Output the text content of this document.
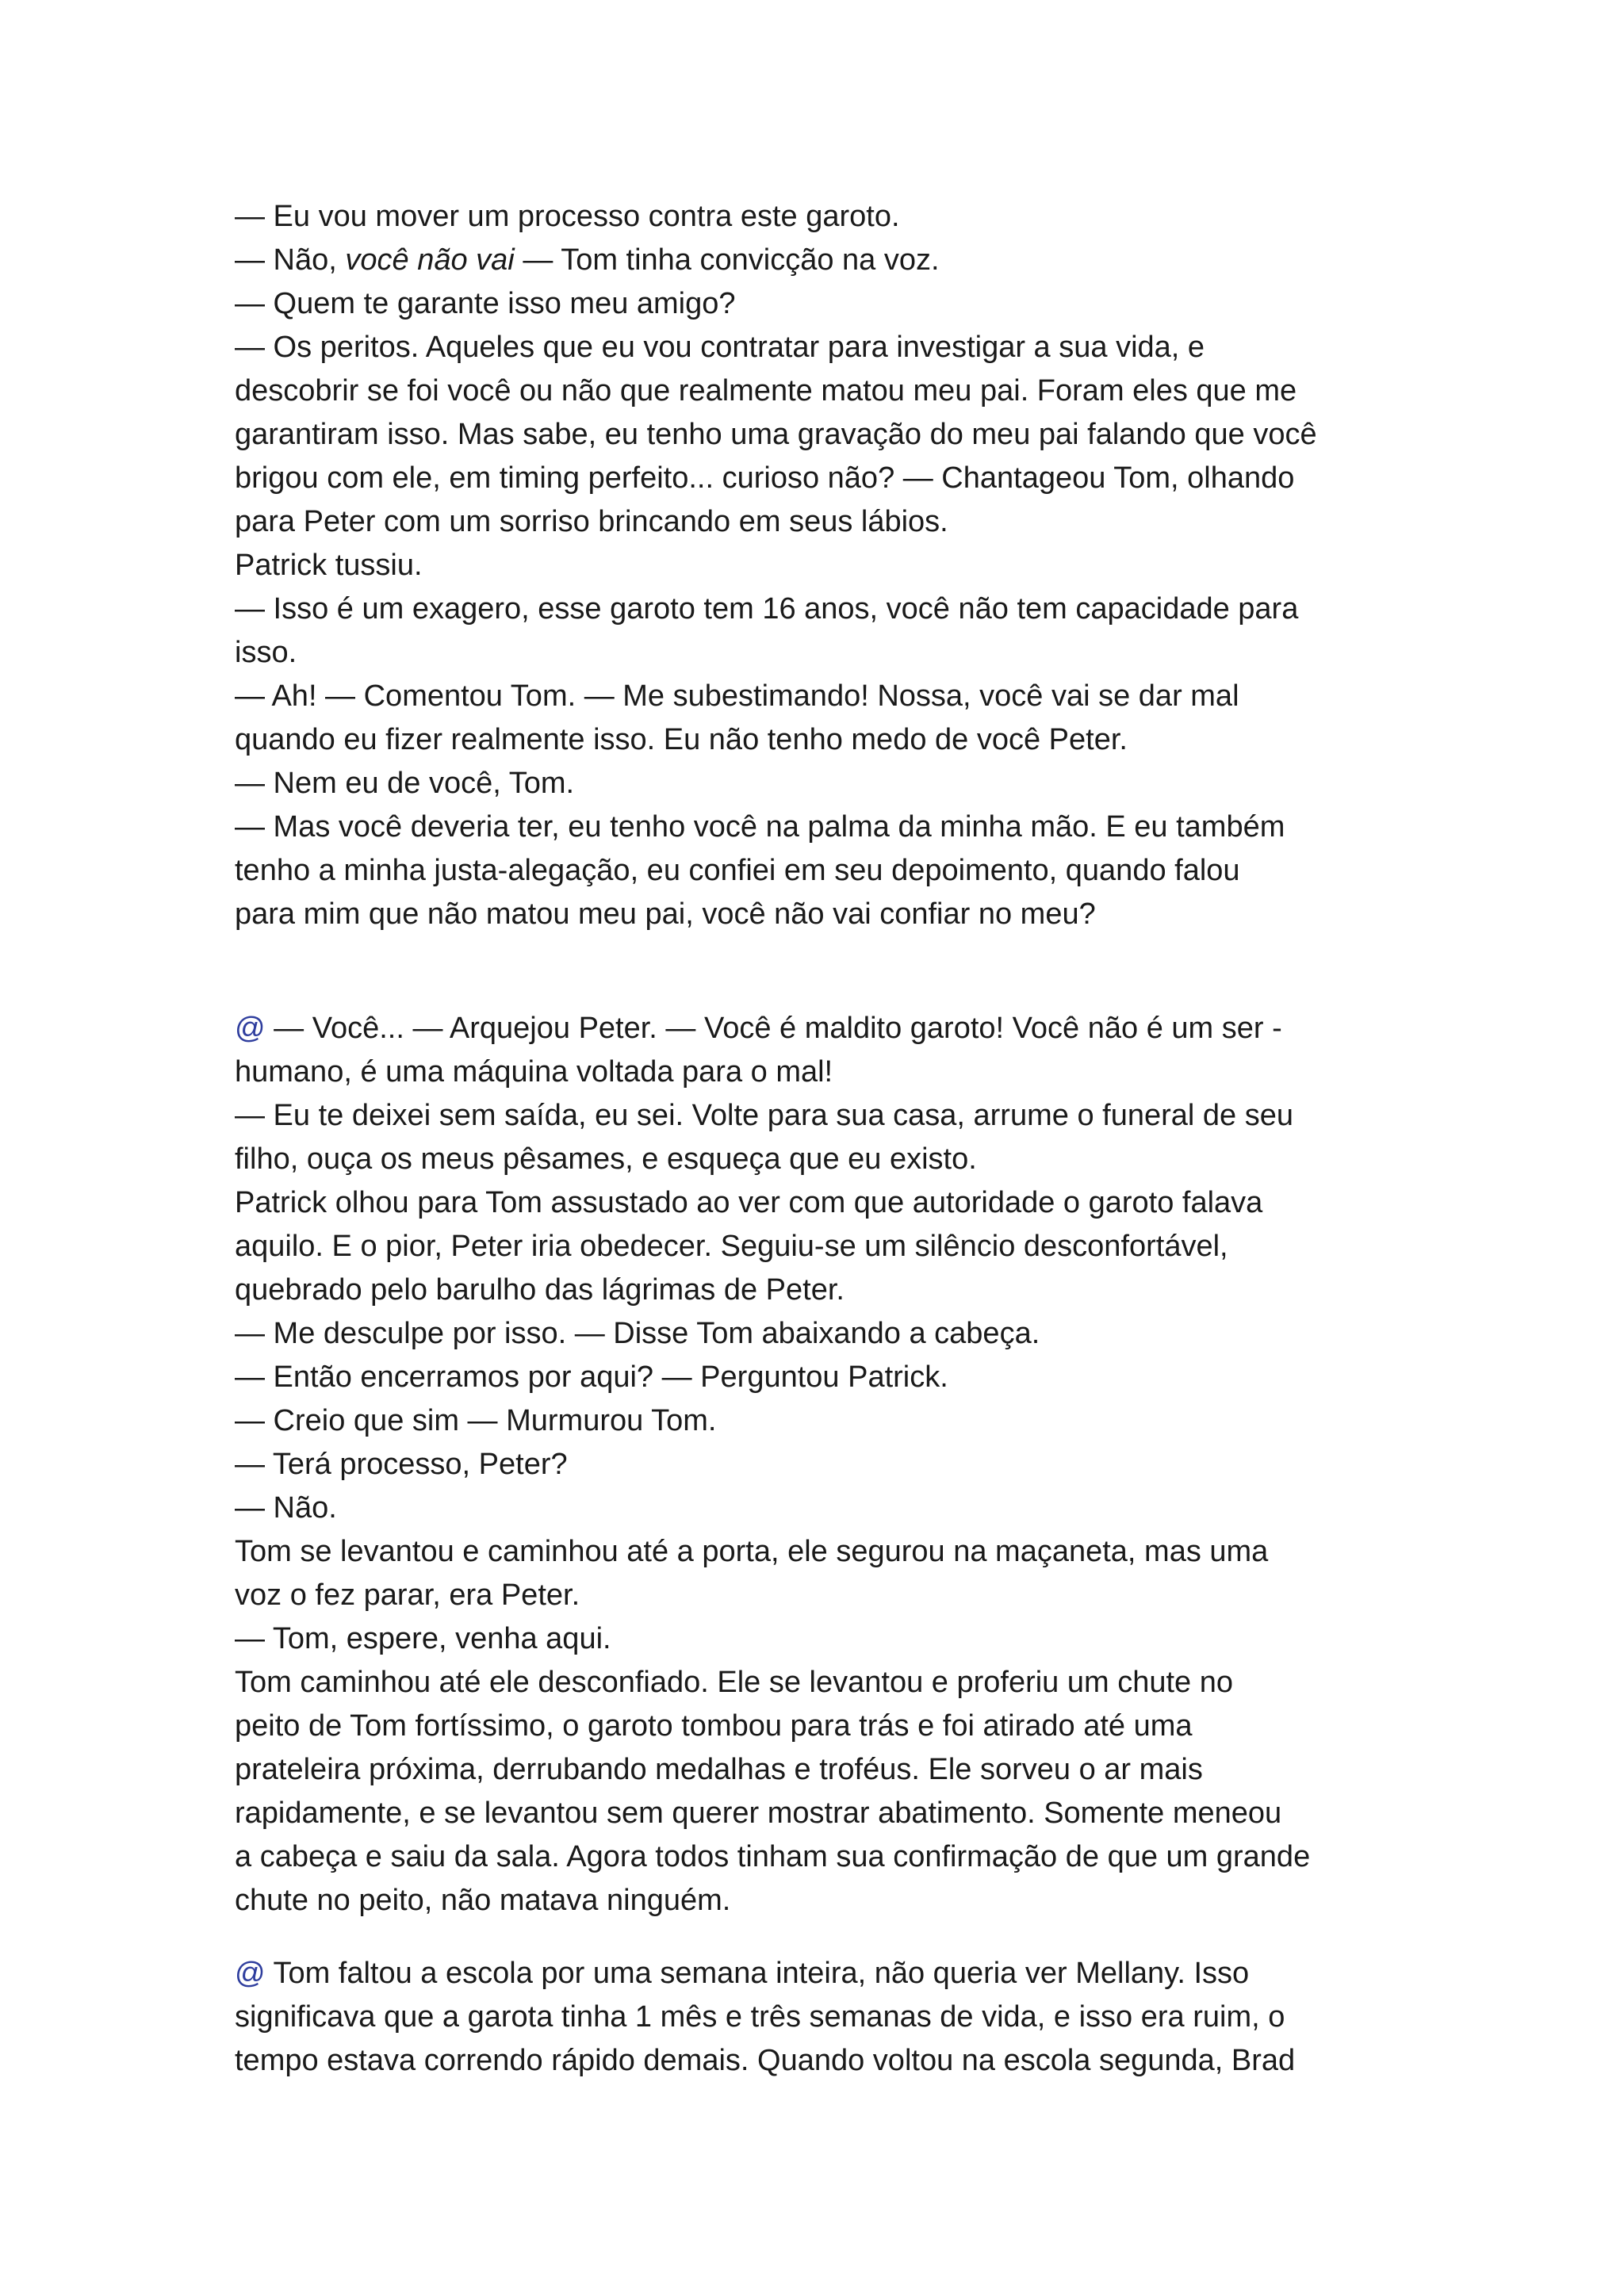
— Eu vou mover um processo contra este garoto.
— Não, você não vai — Tom tinha convicção na voz.
— Quem te garante isso meu amigo?
— Os peritos. Aqueles que eu vou contratar para investigar a sua vida, e
descobrir se foi você ou não que realmente matou meu pai. Foram eles que me
garantiram isso. Mas sabe, eu tenho uma gravação do meu pai falando que você
brigou com ele, em timing perfeito... curioso não? — Chantageou Tom, olhando
para Peter com um sorriso brincando em seus lábios.
Patrick tussiu.
— Isso é um exagero, esse garoto tem 16 anos, você não tem capacidade para
isso.
— Ah! — Comentou Tom. — Me subestimando! Nossa, você vai se dar mal
quando eu fizer realmente isso. Eu não tenho medo de você Peter.
— Nem eu de você, Tom.
— Mas você deveria ter, eu tenho você na palma da minha mão. E eu também
tenho a minha justa-alegação, eu confiei em seu depoimento, quando falou
para mim que não matou meu pai, você não vai confiar no meu?
@ — Você... — Arquejou Peter. — Você é maldito garoto! Você não é um ser -
humano, é uma máquina voltada para o mal!
— Eu te deixei sem saída, eu sei. Volte para sua casa, arrume o funeral de seu
filho, ouça os meus pêsames, e esqueça que eu existo.
Patrick olhou para Tom assustado ao ver com que autoridade o garoto falava
aquilo. E o pior, Peter iria obedecer. Seguiu-se um silêncio desconfortável,
quebrado pelo barulho das lágrimas de Peter.
— Me desculpe por isso. — Disse Tom abaixando a cabeça.
— Então encerramos por aqui? — Perguntou Patrick.
— Creio que sim — Murmurou Tom.
— Terá processo, Peter?
— Não.
Tom se levantou e caminhou até a porta, ele segurou na maçaneta, mas uma
voz o fez parar, era Peter.
— Tom, espere, venha aqui.
Tom caminhou até ele desconfiado. Ele se levantou e proferiu um chute no
peito de Tom fortíssimo, o garoto tombou para trás e foi atirado até uma
prateleira próxima, derrubando medalhas e troféus. Ele sorveu o ar mais
rapidamente, e se levantou sem querer mostrar abatimento. Somente meneou
a cabeça e saiu da sala. Agora todos tinham sua confirmação de que um grande
chute no peito, não matava ninguém.
@ Tom faltou a escola por uma semana inteira, não queria ver Mellany. Isso
significava que a garota tinha 1 mês e três semanas de vida, e isso era ruim, o
tempo estava correndo rápido demais. Quando voltou na escola segunda, Brad
